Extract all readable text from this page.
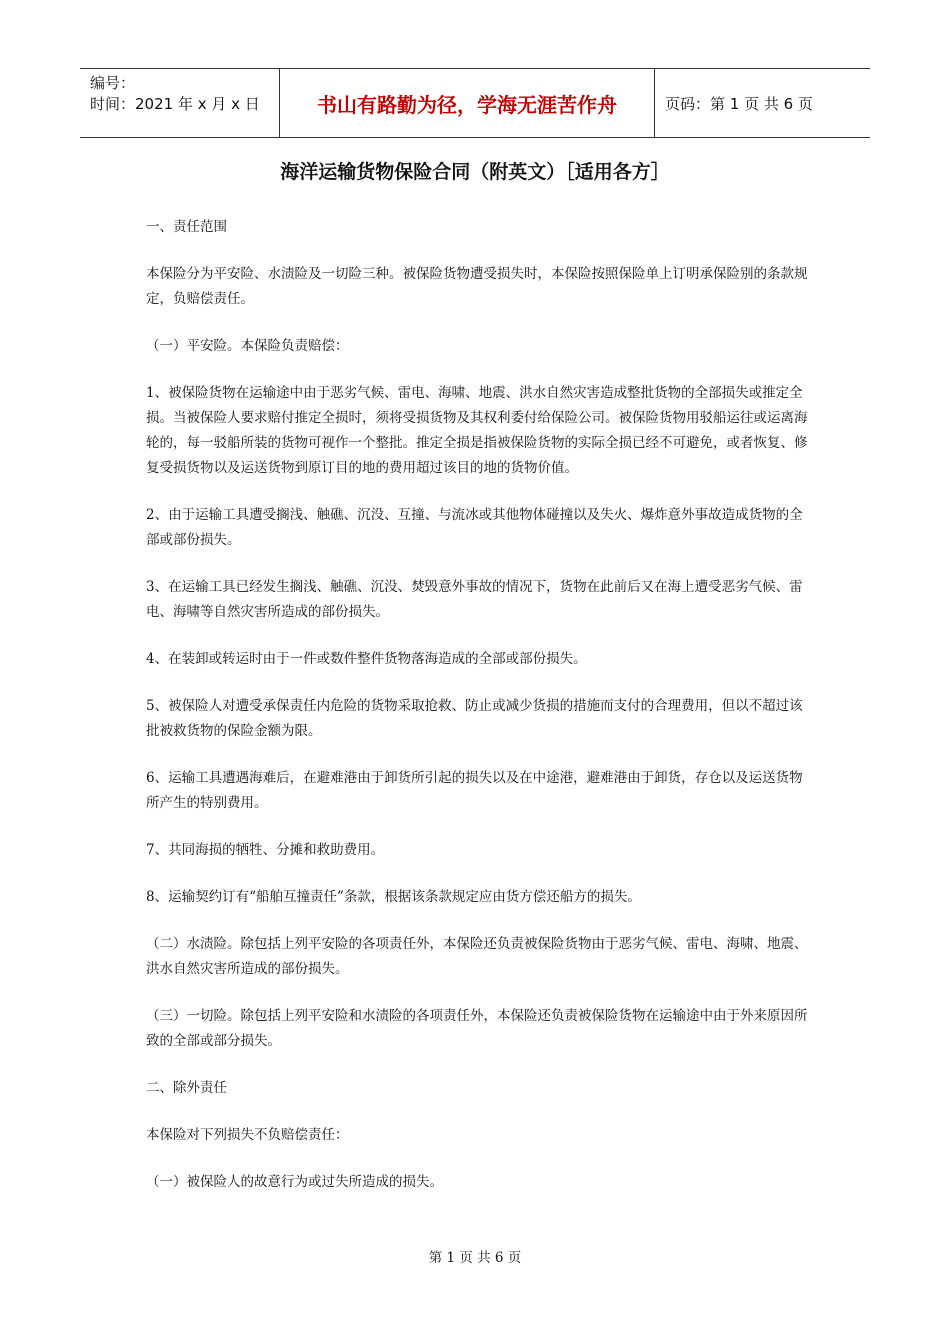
编号：
时间：2021 年 x 月 x 日	书山有路勤为径，学海无涯苦作舟	页码：第 1 页 共 6 页
海洋运输货物保险合同（附英文）［适用各方］

一、责任范围

本保险分为平安险、水渍险及一切险三种。被保险货物遭受损失时，本保险按照保险单上订明承保险别的条款规定，负赔偿责任。

（一）平安险。本保险负责赔偿：

1、被保险货物在运输途中由于恶劣气候、雷电、海啸、地震、洪水自然灾害造成整批货物的全部损失或推定全损。当被保险人要求赔付推定全损时，须将受损货物及其权利委付给保险公司。被保险货物用驳船运往或运离海轮的，每一驳船所装的货物可视作一个整批。推定全损是指被保险货物的实际全损已经不可避免，或者恢复、修复受损货物以及运送货物到原订目的地的费用超过该目的地的货物价值。

2、由于运输工具遭受搁浅、触礁、沉没、互撞、与流冰或其他物体碰撞以及失火、爆炸意外事故造成货物的全部或部份损失。

3、在运输工具已经发生搁浅、触礁、沉没、焚毁意外事故的情况下，货物在此前后又在海上遭受恶劣气候、雷电、海啸等自然灾害所造成的部份损失。

4、在装卸或转运时由于一件或数件整件货物落海造成的全部或部份损失。

5、被保险人对遭受承保责任内危险的货物采取抢救、防止或减少货损的措施而支付的合理费用，但以不超过该批被救货物的保险金额为限。

6、运输工具遭遇海难后，在避难港由于卸货所引起的损失以及在中途港，避难港由于卸货，存仓以及运送货物所产生的特别费用。

7、共同海损的牺牲、分摊和救助费用。

8、运输契约订有“船舶互撞责任”条款，根据该条款规定应由货方偿还船方的损失。

（二）水渍险。除包括上列平安险的各项责任外，本保险还负责被保险货物由于恶劣气候、雷电、海啸、地震、洪水自然灾害所造成的部份损失。

（三）一切险。除包括上列平安险和水渍险的各项责任外，本保险还负责被保险货物在运输途中由于外来原因所致的全部或部分损失。

二、除外责任

本保险对下列损失不负赔偿责任：

（一）被保险人的故意行为或过失所造成的损失。

第 1 页 共 6 页
